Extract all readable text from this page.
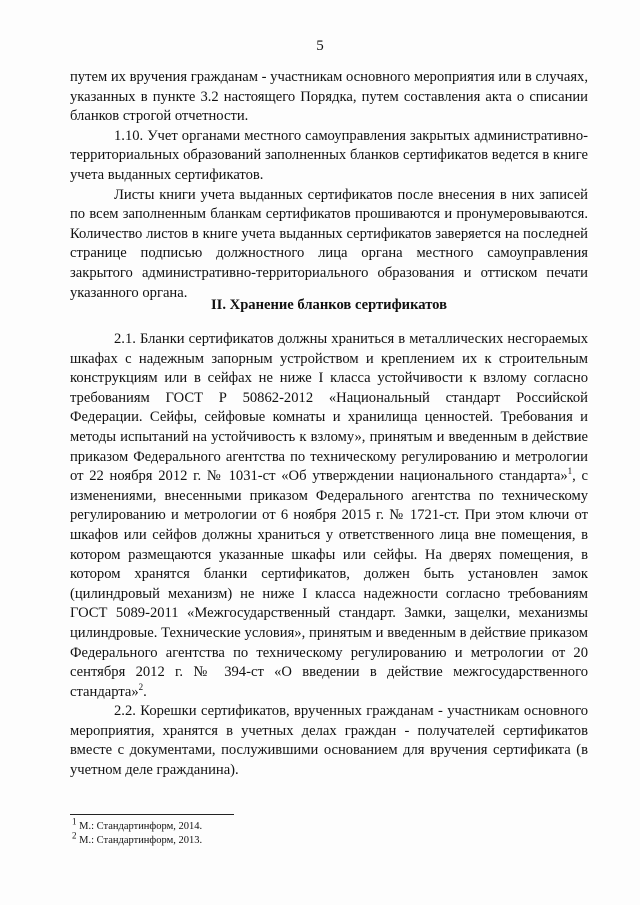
5

путем их вручения гражданам - участникам основного мероприятия или в случаях, указанных в пункте 3.2 настоящего Порядка, путем составления акта о списании бланков строгой отчетности.

1.10. Учет органами местного самоуправления закрытых административно-территориальных образований заполненных бланков сертификатов ведется в книге учета выданных сертификатов.

Листы книги учета выданных сертификатов после внесения в них записей по всем заполненным бланкам сертификатов прошиваются и пронумеровываются. Количество листов в книге учета выданных сертификатов заверяется на последней странице подписью должностного лица органа местного самоуправления закрытого административно-территориального образования и оттиском печати указанного органа.

II. Хранение бланков сертификатов

2.1. Бланки сертификатов должны храниться в металлических несгораемых шкафах с надежным запорным устройством и креплением их к строительным конструкциям или в сейфах не ниже I класса устойчивости к взлому согласно требованиям ГОСТ Р 50862-2012 «Национальный стандарт Российской Федерации. Сейфы, сейфовые комнаты и хранилища ценностей. Требования и методы испытаний на устойчивость к взлому», принятым и введенным в действие приказом Федерального агентства по техническому регулированию и метрологии от 22 ноября 2012 г. № 1031-ст «Об утверждении национального стандарта»$^1$, с изменениями, внесенными приказом Федерального агентства по техническому регулированию и метрологии от 6 ноября 2015 г. № 1721-ст. При этом ключи от шкафов или сейфов должны храниться у ответственного лица вне помещения, в котором размещаются указанные шкафы или сейфы. На дверях помещения, в котором хранятся бланки сертификатов, должен быть установлен замок (цилиндровый механизм) не ниже I класса надежности согласно требованиям ГОСТ 5089-2011 «Межгосударственный стандарт. Замки, защелки, механизмы цилиндровые. Технические условия», принятым и введенным в действие приказом Федерального агентства по техническому регулированию и метрологии от 20 сентября 2012 г. № 394-ст «О введении в действие межгосударственного стандарта»$^2$.

2.2. Корешки сертификатов, врученных гражданам - участникам основного мероприятия, хранятся в учетных делах граждан - получателей сертификатов вместе с документами, послужившими основанием для вручения сертификата (в учетном деле гражданина).

$^1$ М.: Стандартинформ, 2014.
$^2$ М.: Стандартинформ, 2013.
